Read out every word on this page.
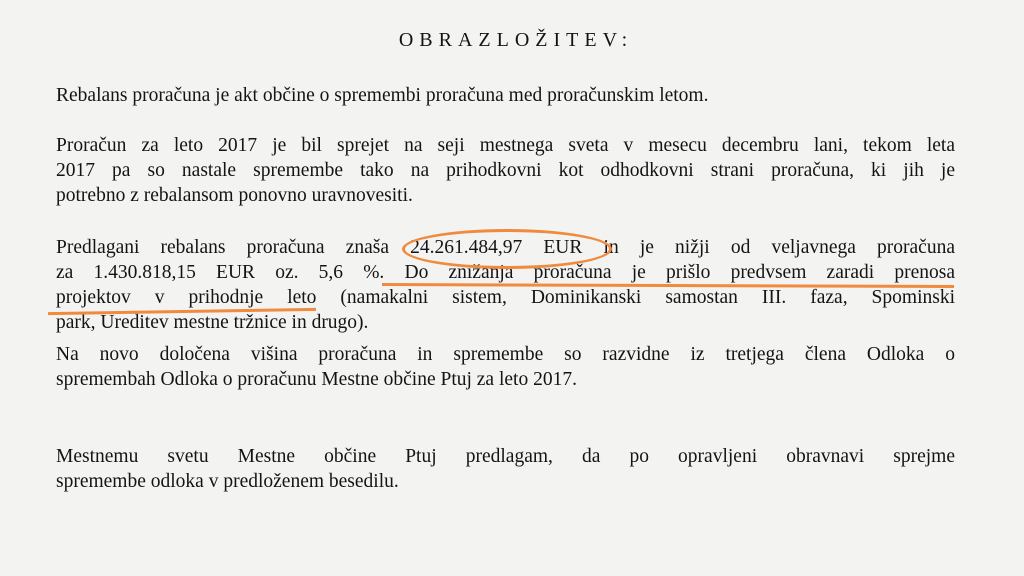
OBRAZLOŽITEV:

Rebalans proračuna je akt občine o spremembi proračuna med proračunskim letom.

Proračun za leto 2017 je bil sprejet na seji mestnega sveta v mesecu decembru lani, tekom leta
2017 pa so nastale spremembe tako na prihodkovni kot odhodkovni strani proračuna, ki jih je
potrebno z rebalansom ponovno uravnovesiti.

Predlagani rebalans proračuna znaša 24.261.484,97 EUR in je nižji od veljavnega proračuna
za 1.430.818,15 EUR oz. 5,6 %. Do znižanja proračuna je prišlo predvsem zaradi prenosa
projektov v prihodnje leto (namakalni sistem, Dominikanski samostan III. faza, Spominski
park, Ureditev mestne tržnice in drugo).

Na novo določena višina proračuna in spremembe so razvidne iz tretjega člena Odloka o
spremembah Odloka o proračunu Mestne občine Ptuj za leto 2017.

Mestnemu svetu Mestne občine Ptuj predlagam, da po opravljeni obravnavi sprejme
spremembe odloka v predloženem besedilu.
